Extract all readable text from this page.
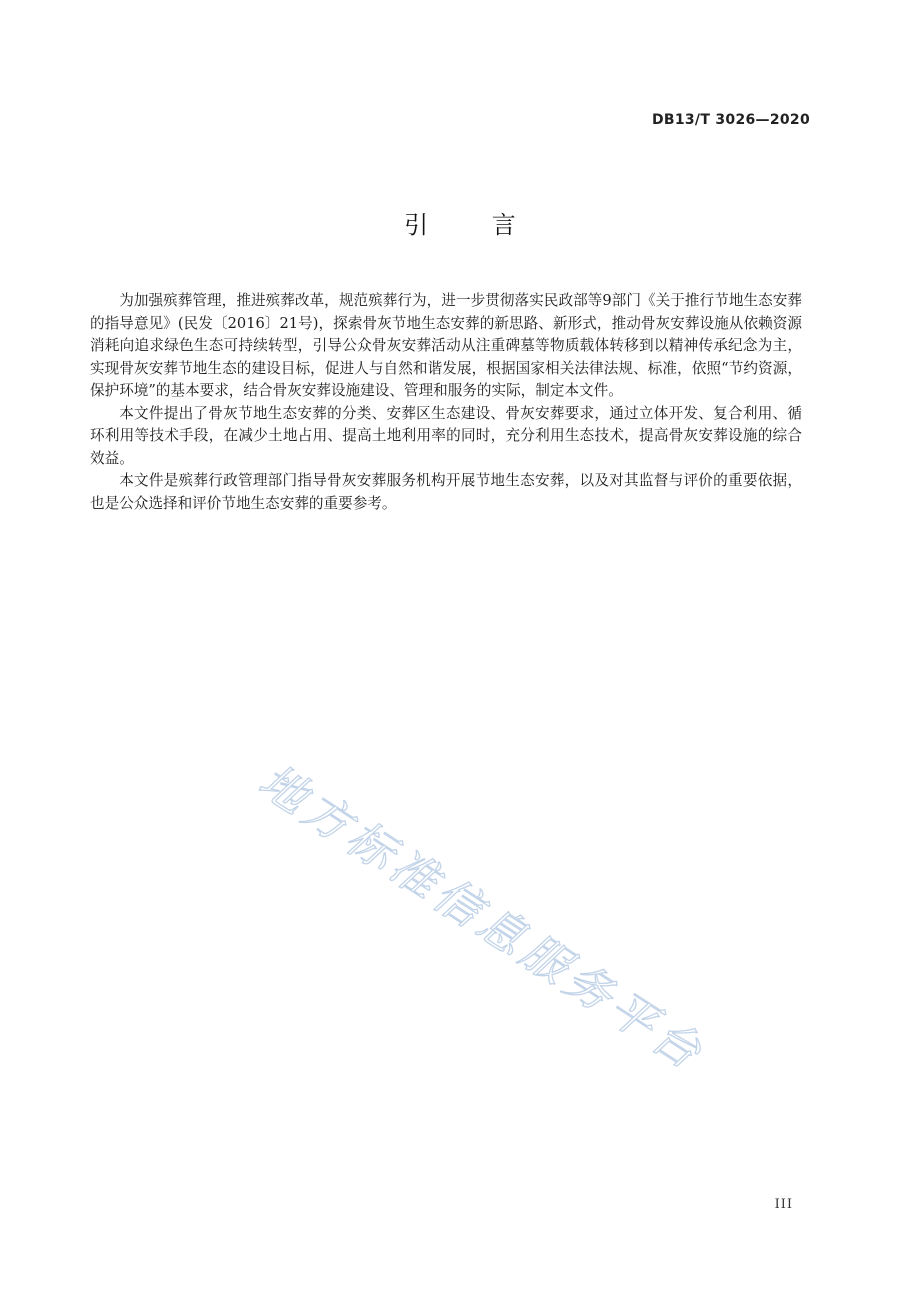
DB13/T 3026—2020
引 言

为加强殡葬管理，推进殡葬改革，规范殡葬行为，进一步贯彻落实民政部等9部门《关于推行节地生态安葬的指导意见》(民发〔2016〕21号)，探索骨灰节地生态安葬的新思路、新形式，推动骨灰安葬设施从依赖资源消耗向追求绿色生态可持续转型，引导公众骨灰安葬活动从注重碑墓等物质载体转移到以精神传承纪念为主，实现骨灰安葬节地生态的建设目标，促进人与自然和谐发展，根据国家相关法律法规、标准，依照“节约资源，保护环境”的基本要求，结合骨灰安葬设施建设、管理和服务的实际，制定本文件。

本文件提出了骨灰节地生态安葬的分类、安葬区生态建设、骨灰安葬要求，通过立体开发、复合利用、循环利用等技术手段，在减少土地占用、提高土地利用率的同时，充分利用生态技术，提高骨灰安葬设施的综合效益。

本文件是殡葬行政管理部门指导骨灰安葬服务机构开展节地生态安葬，以及对其监督与评价的重要依据，也是公众选择和评价节地生态安葬的重要参考。

地方标准信息服务平台
III
